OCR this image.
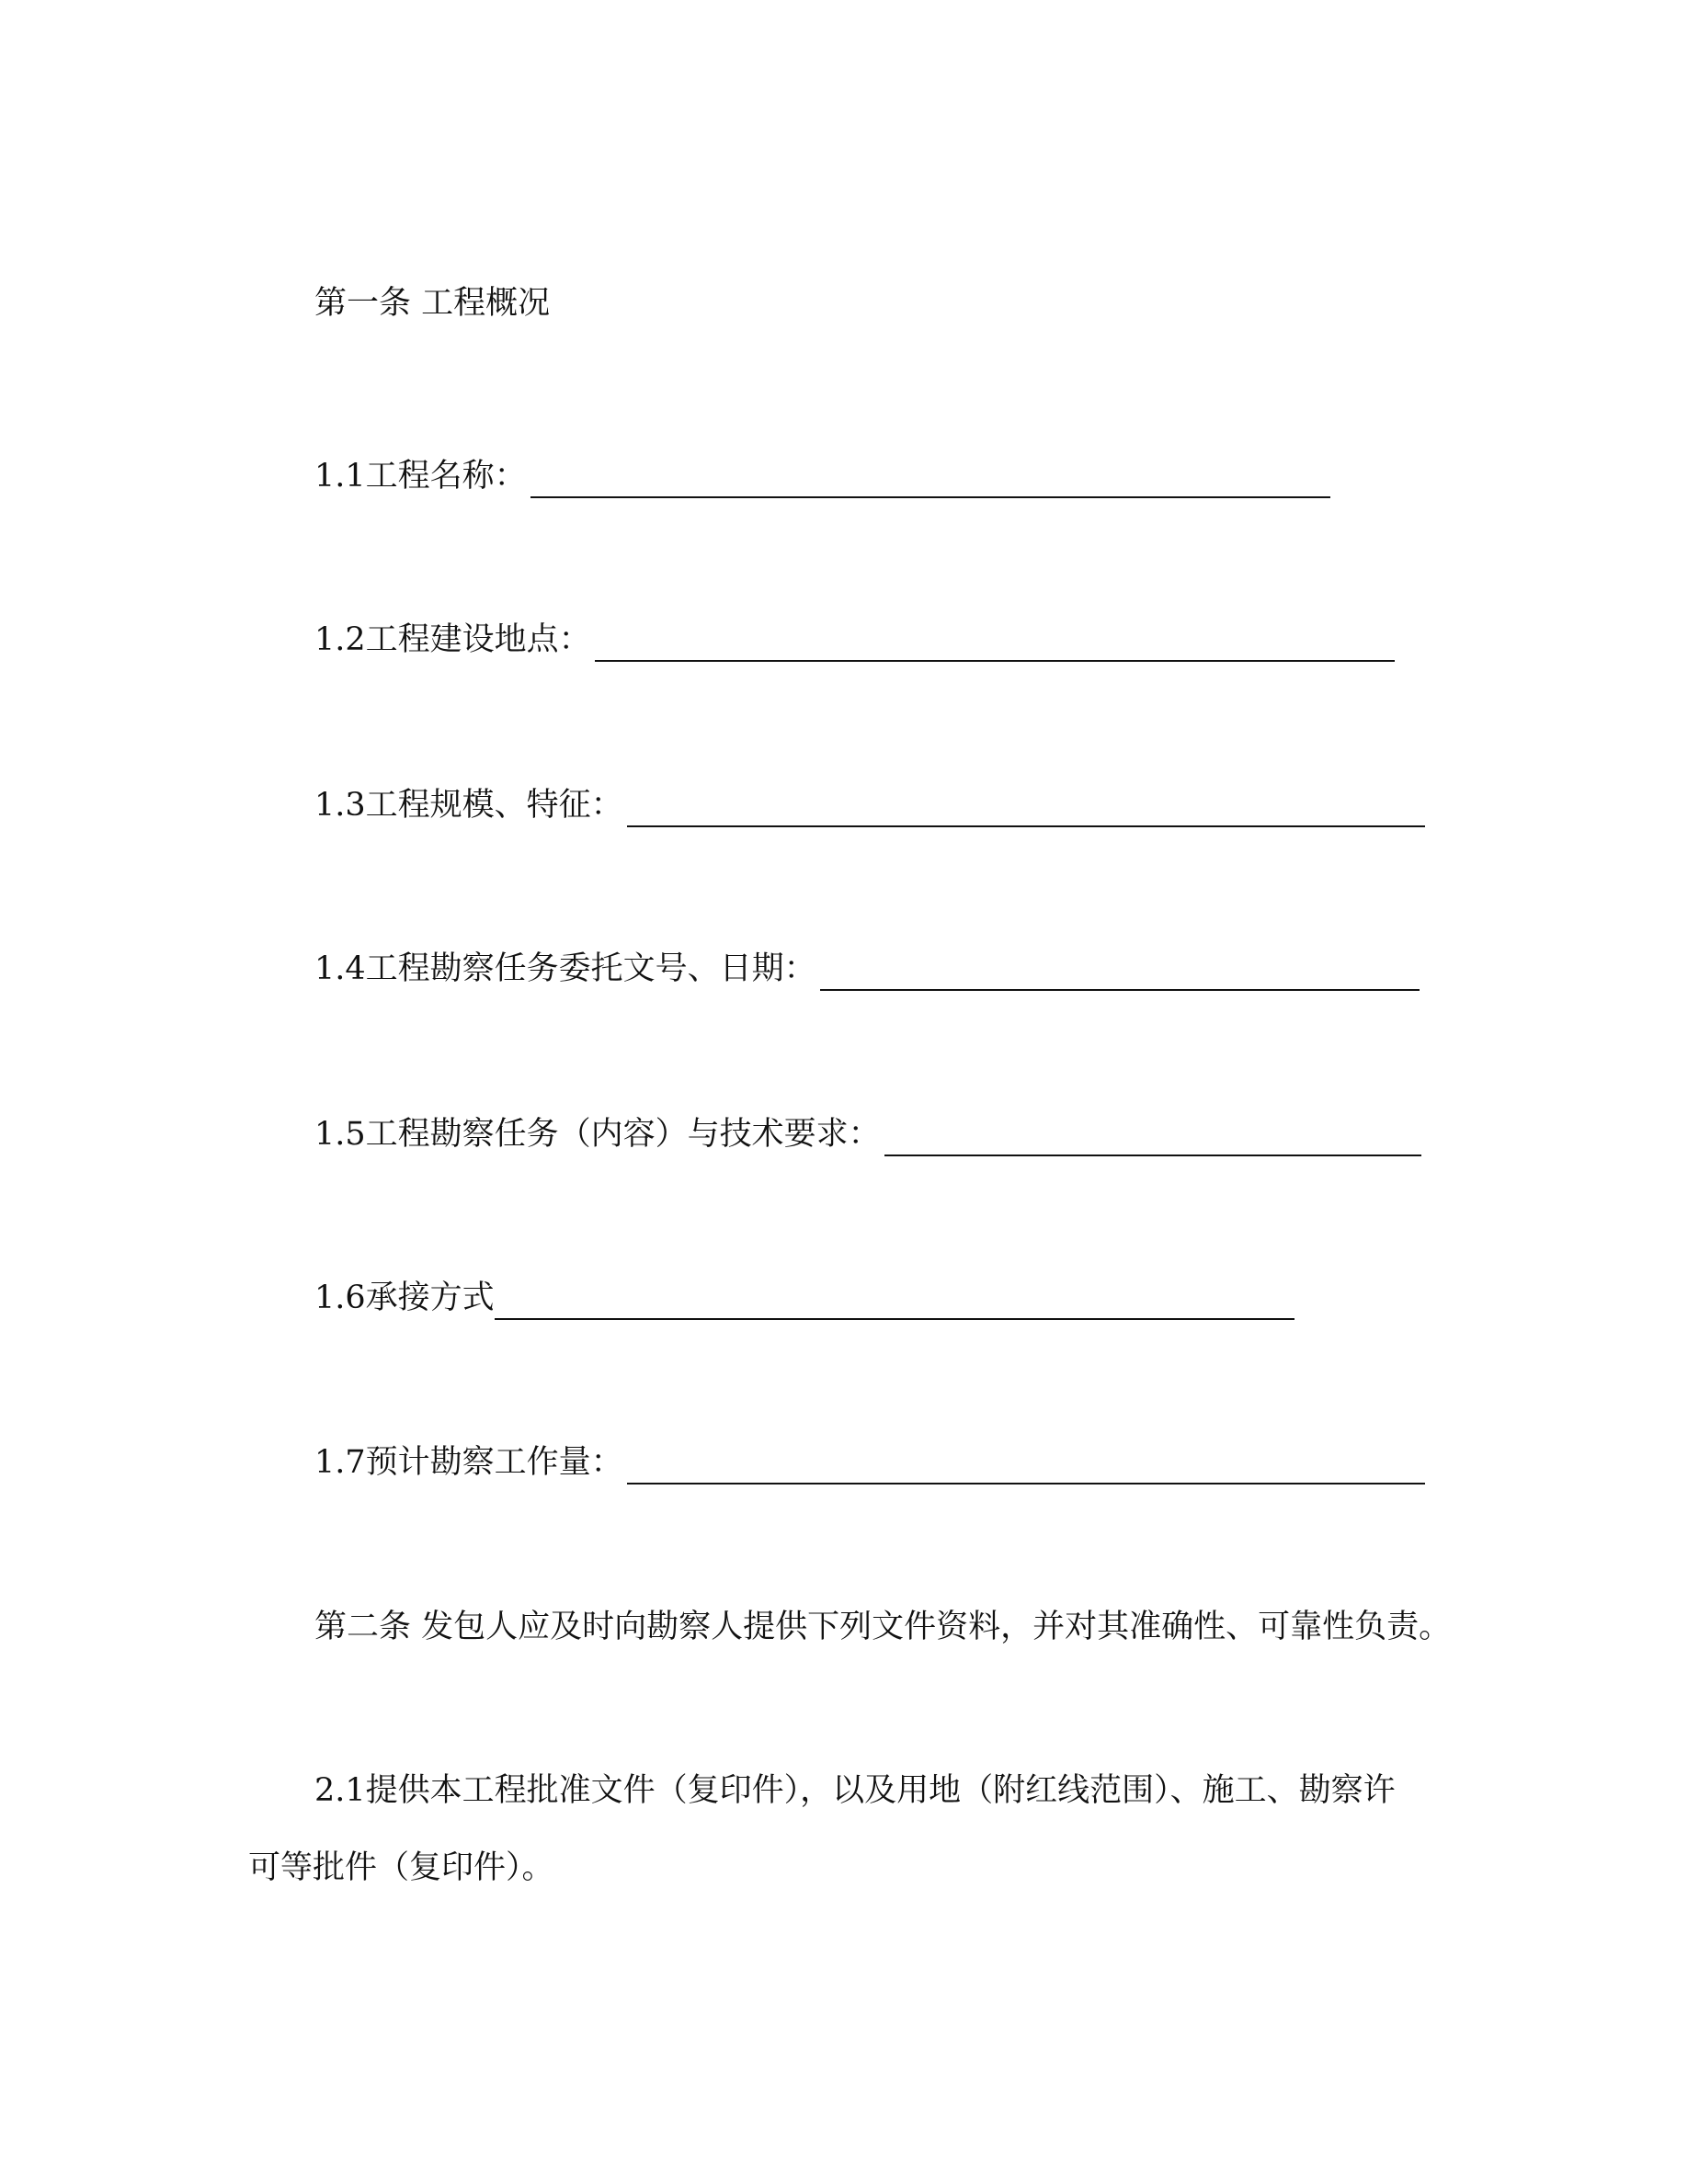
第一条 工程概况
1.1工程名称：
1.2工程建设地点：
1.3工程规模、特征：
1.4工程勘察任务委托文号、日期：
1.5工程勘察任务（内容）与技术要求：
1.6承接方式
1.7预计勘察工作量：
第二条 发包人应及时向勘察人提供下列文件资料，并对其准确性、可靠性负责。
2.1提供本工程批准文件（复印件），以及用地（附红线范围）、施工、勘察许
可等批件（复印件）。
